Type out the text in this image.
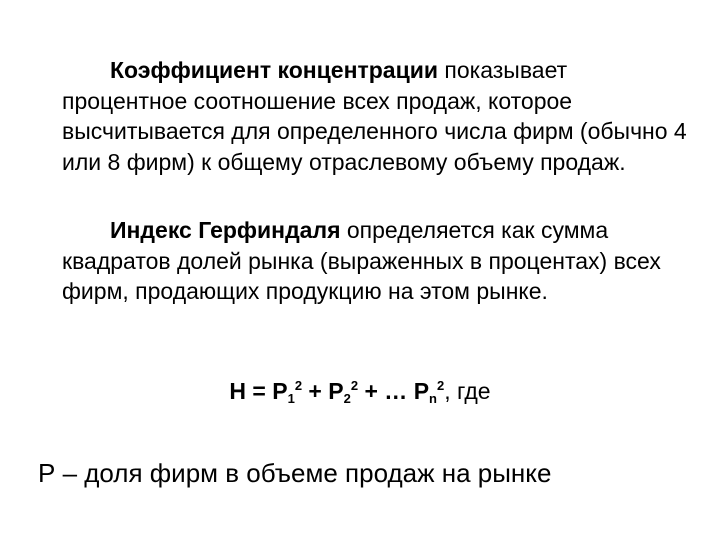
Коэффициент концентрации показывает процентное соотношение всех продаж, которое высчитывается для определенного числа фирм (обычно 4 или 8 фирм) к общему отраслевому объему продаж.

Индекс Герфиндаля определяется как сумма квадратов долей рынка (выраженных в процентах) всех фирм, продающих продукцию на этом рынке.

$H = P_1^2 + P_2^2$ + … $P_n^2$, где
Р – доля фирм в объеме продаж на рынке
